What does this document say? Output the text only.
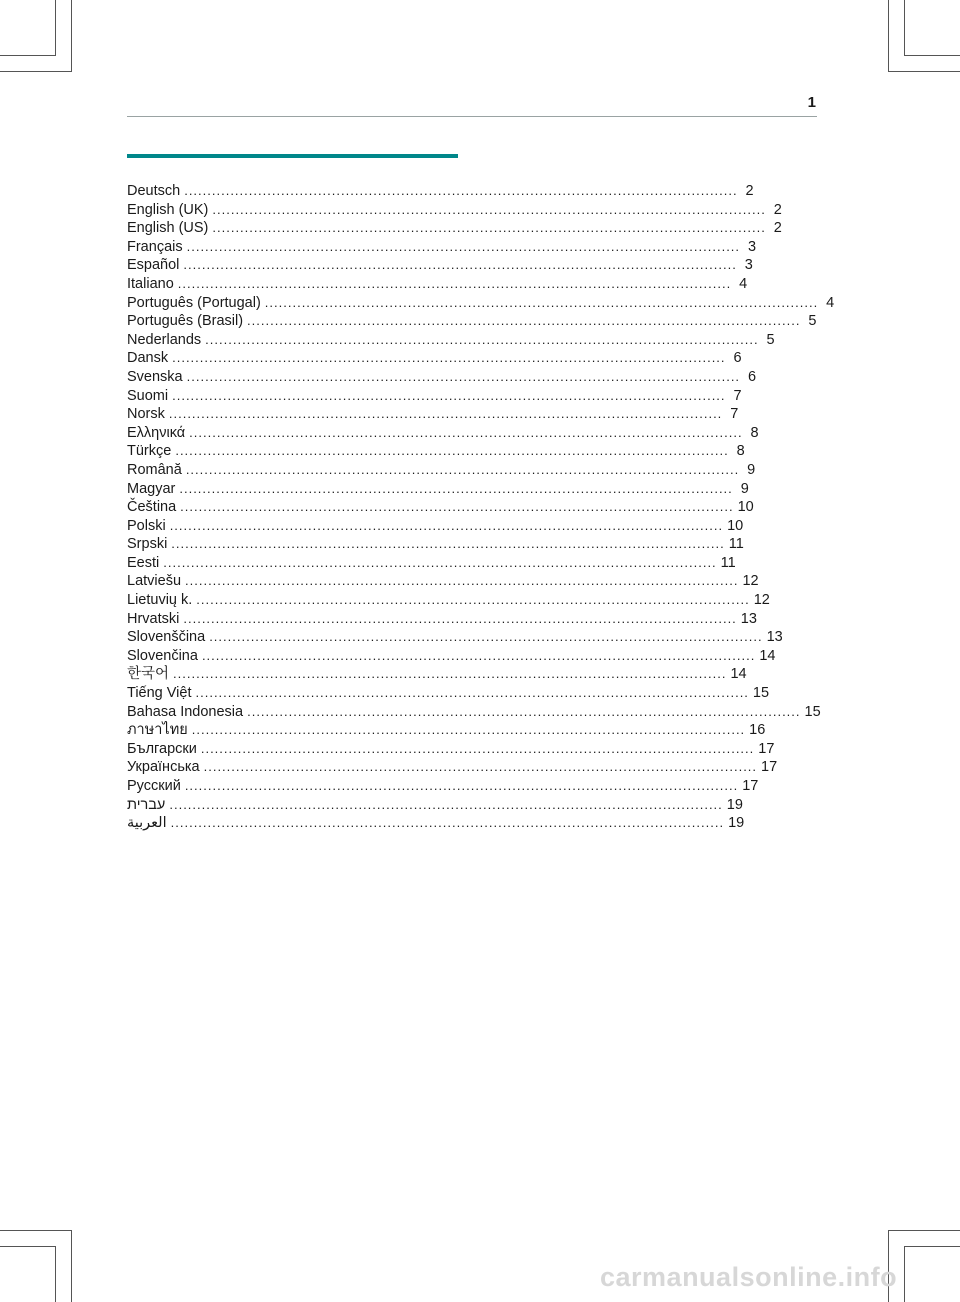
1
Deutsch ........................................................................................................................ 2
English (UK) ........................................................................................................................ 2
English (US) ........................................................................................................................ 2
Français ........................................................................................................................ 3
Español ........................................................................................................................ 3
Italiano ........................................................................................................................ 4
Português (Portugal) ........................................................................................................................ 4
Português (Brasil) ........................................................................................................................ 5
Nederlands ........................................................................................................................ 5
Dansk ........................................................................................................................ 6
Svenska ........................................................................................................................ 6
Suomi ........................................................................................................................ 7
Norsk ........................................................................................................................ 7
Ελληνικά ........................................................................................................................ 8
Türkçe ........................................................................................................................ 8
Română ........................................................................................................................ 9
Magyar ........................................................................................................................ 9
Čeština ........................................................................................................................ 10
Polski ........................................................................................................................ 10
Srpski ........................................................................................................................ 11
Eesti ........................................................................................................................ 11
Latviešu ........................................................................................................................ 12
Lietuvių k. ........................................................................................................................ 12
Hrvatski ........................................................................................................................ 13
Slovenščina ........................................................................................................................ 13
Slovenčina ........................................................................................................................ 14
한국어 ........................................................................................................................ 14
Tiếng Việt ........................................................................................................................ 15
Bahasa Indonesia ........................................................................................................................ 15
ภาษาไทย ........................................................................................................................ 16
Български ........................................................................................................................ 17
Українська ........................................................................................................................ 17
Русский ........................................................................................................................ 17
עברית ........................................................................................................................ 19
العربية ........................................................................................................................ 19
carmanualsonline.info
